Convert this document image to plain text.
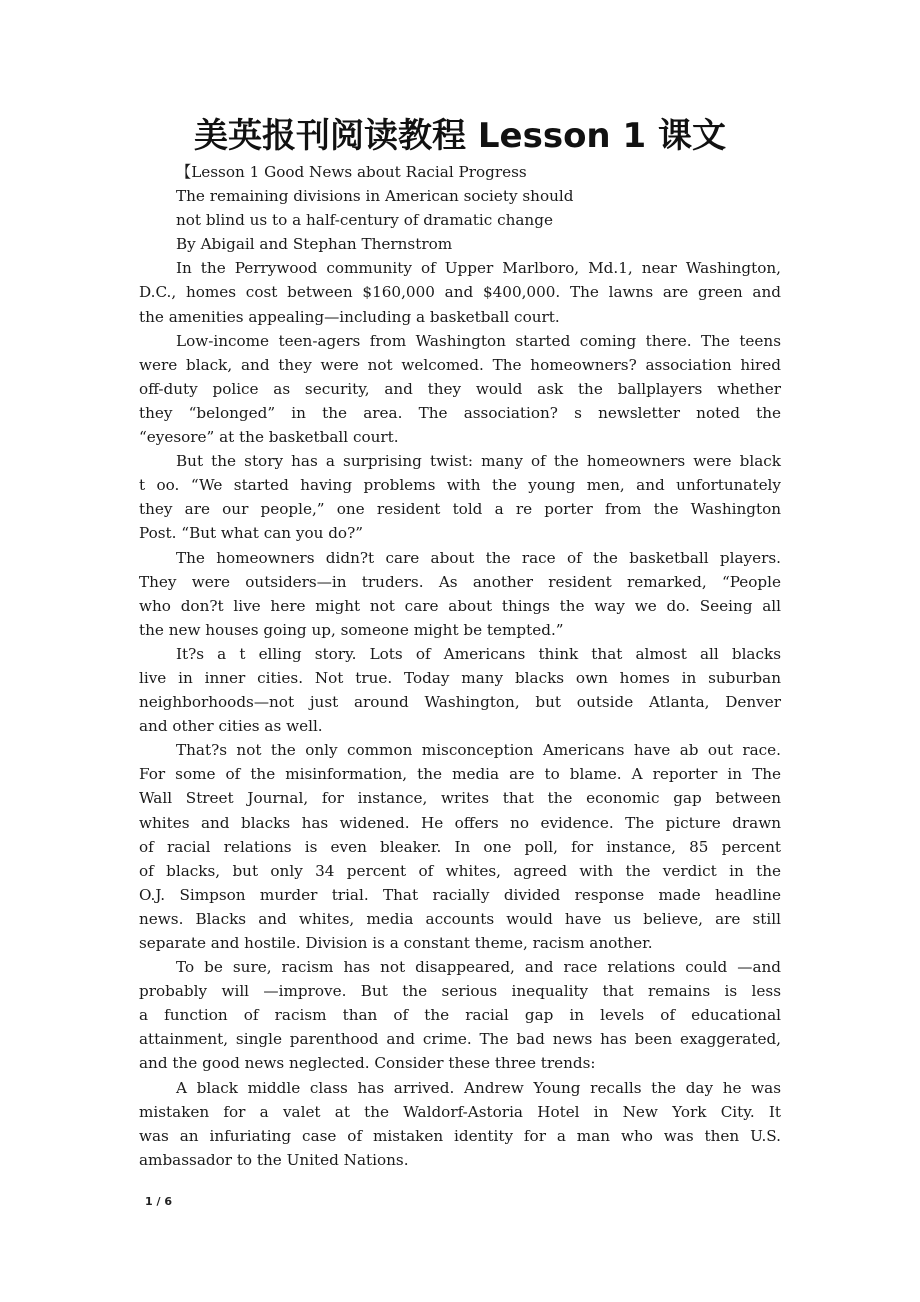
美英报刊阅读教程 Lesson 1 课文
【Lesson 1 Good News about Racial Progress
The remaining divisions in American society should
not blind us to a half-century of dramatic change
By Abigail and Stephan Thernstrom
In the Perrywood community of Upper Marlboro, Md.1, near Washington,
D.C., homes cost between $160,000 and $400,000. The lawns are green and
the amenities appealing—including a basketball court.
Low-income teen-agers from Washington started coming there. The teens
were black, and they were not welcomed. The homeowners? association hired
off-duty police as security, and they would ask the ballplayers whether
they “belonged” in the area. The association? s newsletter noted the
“eyesore” at the basketball court.
But the story has a surprising twist: many of the homeowners were black
t oo. “We started having problems with the young men, and unfortunately
they are our people,” one resident told a re porter from the Washington
Post. “But what can you do?”
The homeowners didn?t care about the race of the basketball players.
They were outsiders—in truders. As another resident remarked, “People
who don?t live here might not care about things the way we do. Seeing all
the new houses going up, someone might be tempted.”
It?s a t elling story. Lots of Americans think that almost all blacks
live in inner cities. Not true. Today many blacks own homes in suburban
neighborhoods—not just around Washington, but outside Atlanta, Denver
and other cities as well.
That?s not the only common misconception Americans have ab out race.
For some of the misinformation, the media are to blame. A reporter in The
Wall Street Journal, for instance, writes that the economic gap between
whites and blacks has widened. He offers no evidence. The picture drawn
of racial relations is even bleaker. In one poll, for instance, 85 percent
of blacks, but only 34 percent of whites, agreed with the verdict in the
O.J. Simpson murder trial. That racially divided response made headline
news. Blacks and whites, media accounts would have us believe, are still
separate and hostile. Division is a constant theme, racism another.
To be sure, racism has not disappeared, and race relations could —and
probably will —improve. But the serious inequality that remains is less
a function of racism than of the racial gap in levels of educational
attainment, single parenthood and crime. The bad news has been exaggerated,
and the good news neglected. Consider these three trends:
A black middle class has arrived. Andrew Young recalls the day he was
mistaken for a valet at the Waldorf-Astoria Hotel in New York City. It
was an infuriating case of mistaken identity for a man who was then U.S.
ambassador to the United Nations.
1 / 6
